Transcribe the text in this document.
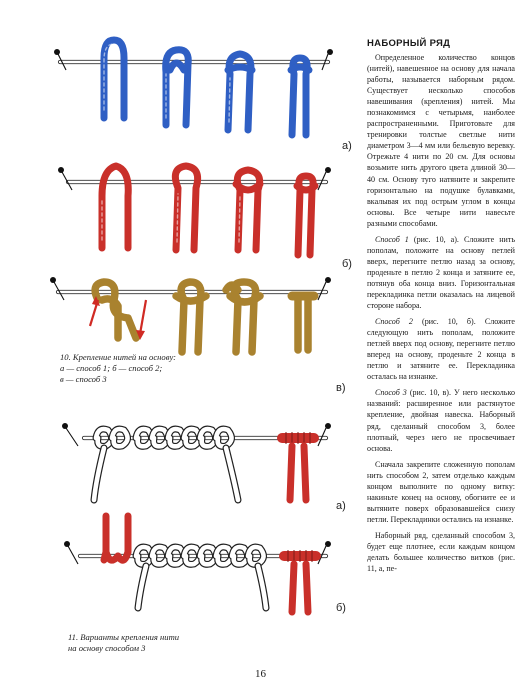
а)
б)
в)
а)
б)

10. Крепление нитей на основу:

а — способ 1; б — способ 2;

в — способ 3

11. Варианты крепления нити

на основу способом 3

НАБОРНЫЙ РЯД

Определенное количество концов (нитей), навешенное на основу для начала работы, называется наборным рядом. Существует несколько способов навешивания (крепления) нитей. Мы познакомимся с четырьмя, наиболее распространенными. Приготовьте для тренировки толстые светлые нити диаметром 3—4 мм или бельевую веревку. Отрежьте 4 нити по 20 см. Для основы возьмите нить другого цвета длиной 30—40 см. Основу туго натяните и закрепите горизонтально на подушке булавками, вкалывая их под острым углом в концы основы. Все четыре нити навесьте разными способами.

Способ 1 (рис. 10, а). Сложите нить пополам, положите на основу петлей вверх, перегните петлю назад за основу, проденьте в петлю 2 конца и затяните ее, потянув оба конца вниз. Горизонтальная перекладинка петли оказалась на лицевой стороне набора.

Способ 2 (рис. 10, б). Сложите следующую нить пополам, положите петлей вверх под основу, перегните петлю вперед на основу, проденьте 2 конца в петлю и затяните ее. Перекладинка осталась на изнанке.

Способ 3 (рис. 10, в). У него несколько названий: расширенное или растянутое крепление, двойная навеска. Наборный ряд, сделанный способом 3, более плотный, через него не просвечивает основа.

Сначала закрепите сложенную пополам нить способом 2, затем отделько каждым концом выполните по одному витку: накиньте конец на основу, обогните ее и вытяните поверх образовавшейся снизу петли. Перекладинки остались на изнанке.

Наборный ряд, сделанный способом 3, будет еще плотнее, если каждым концом делать большее количество витков (рис. 11, а, пе-

16
